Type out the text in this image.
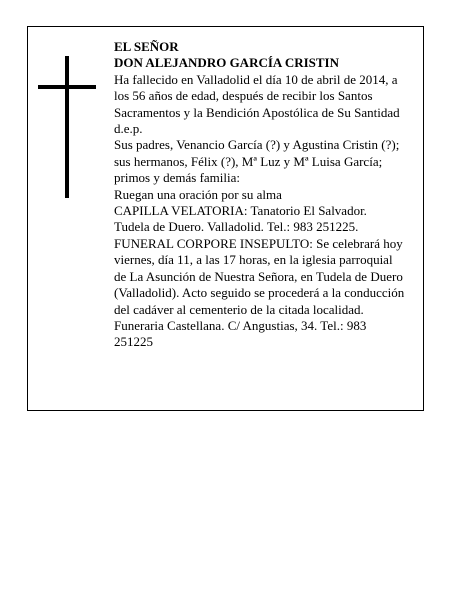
EL SEÑOR
DON ALEJANDRO GARCÍA CRISTIN
Ha fallecido en Valladolid el día 10 de abril de 2014, a
los 56 años de edad, después de recibir los Santos
Sacramentos y la Bendición Apostólica de Su Santidad
d.e.p.
Sus padres, Venancio García (?) y Agustina Cristin (?);
sus hermanos, Félix (?), Mª Luz y Mª Luisa García;
primos y demás familia:
Ruegan una oración por su alma
CAPILLA VELATORIA: Tanatorio El Salvador.
Tudela de Duero. Valladolid. Tel.: 983 251225.
FUNERAL CORPORE INSEPULTO: Se celebrará hoy
viernes, día 11, a las 17 horas, en la iglesia parroquial
de La Asunción de Nuestra Señora, en Tudela de Duero
(Valladolid). Acto seguido se procederá a la conducción
del cadáver al cementerio de la citada localidad.
Funeraria Castellana. C/ Angustias, 34. Tel.: 983
251225
